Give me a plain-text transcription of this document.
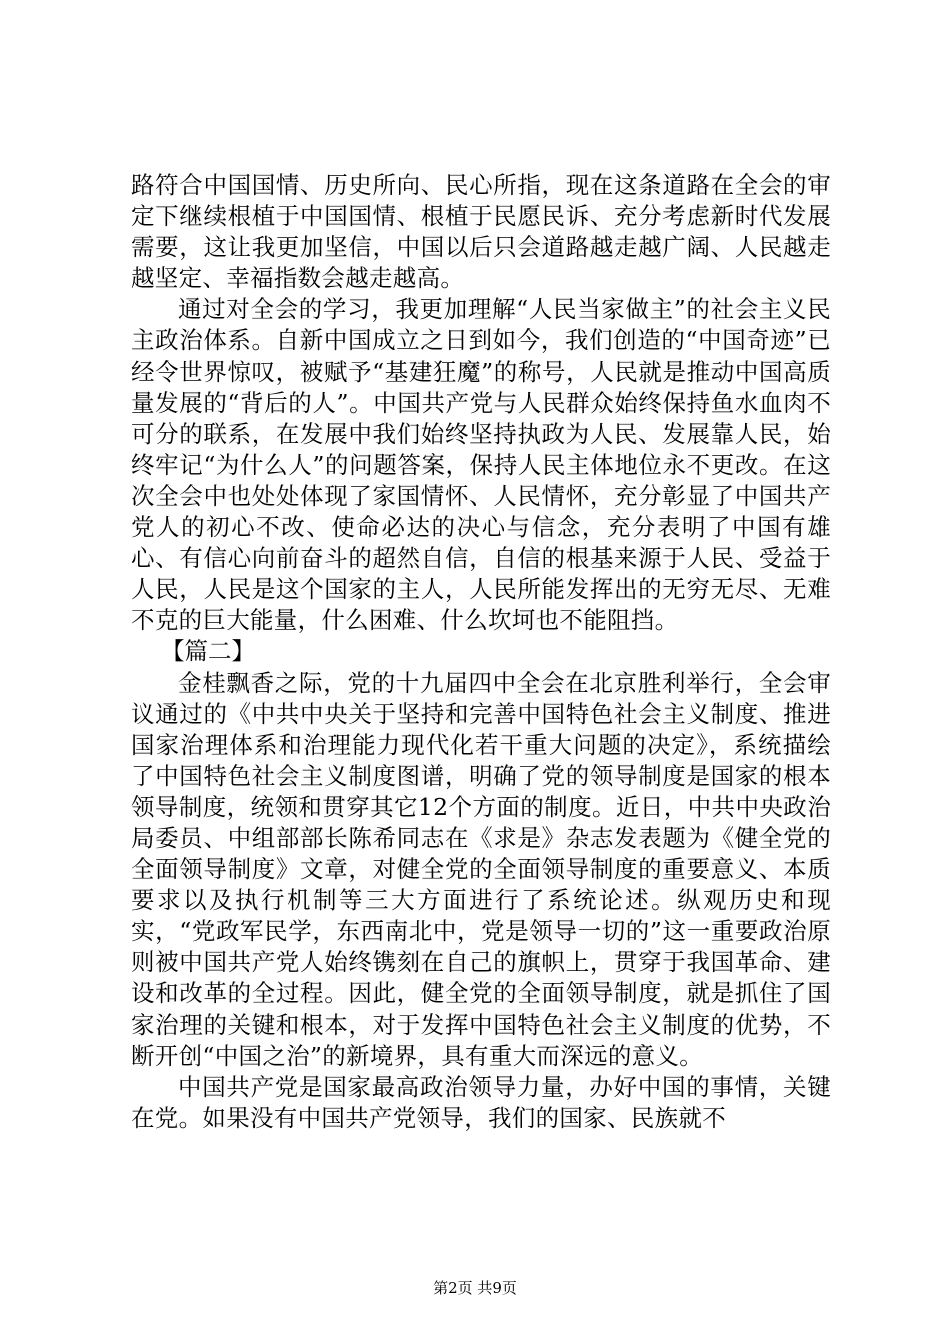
路符合中国国情、历史所向、民心所指，现在这条道路在全会的审定下继续根植于中国国情、根植于民愿民诉、充分考虑新时代发展需要，这让我更加坚信，中国以后只会道路越走越广阔、人民越走越坚定、幸福指数会越走越高。

通过对全会的学习，我更加理解“人民当家做主”的社会主义民主政治体系。自新中国成立之日到如今，我们创造的“中国奇迹”已经令世界惊叹，被赋予“基建狂魔”的称号，人民就是推动中国高质量发展的“背后的人”。中国共产党与人民群众始终保持鱼水血肉不可分的联系，在发展中我们始终坚持执政为人民、发展靠人民，始终牢记“为什么人”的问题答案，保持人民主体地位永不更改。在这次全会中也处处体现了家国情怀、人民情怀，充分彰显了中国共产党人的初心不改、使命必达的决心与信念，充分表明了中国有雄心、有信心向前奋斗的超然自信，自信的根基来源于人民、受益于人民，人民是这个国家的主人，人民所能发挥出的无穷无尽、无难不克的巨大能量，什么困难、什么坎坷也不能阻挡。

【篇二】

金桂飘香之际，党的十九届四中全会在北京胜利举行，全会审议通过的《中共中央关于坚持和完善中国特色社会主义制度、推进国家治理体系和治理能力现代化若干重大问题的决定》，系统描绘了中国特色社会主义制度图谱，明确了党的领导制度是国家的根本领导制度，统领和贯穿其它12个方面的制度。近日，中共中央政治局委员、中组部部长陈希同志在《求是》杂志发表题为《健全党的全面领导制度》文章，对健全党的全面领导制度的重要意义、本质要求以及执行机制等三大方面进行了系统论述。纵观历史和现实，“党政军民学，东西南北中，党是领导一切的”这一重要政治原则被中国共产党人始终镌刻在自己的旗帜上，贯穿于我国革命、建设和改革的全过程。因此，健全党的全面领导制度，就是抓住了国家治理的关键和根本，对于发挥中国特色社会主义制度的优势，不断开创“中国之治”的新境界，具有重大而深远的意义。

中国共产党是国家最高政治领导力量，办好中国的事情，关键在党。如果没有中国共产党领导，我们的国家、民族就不

第2页 共9页
